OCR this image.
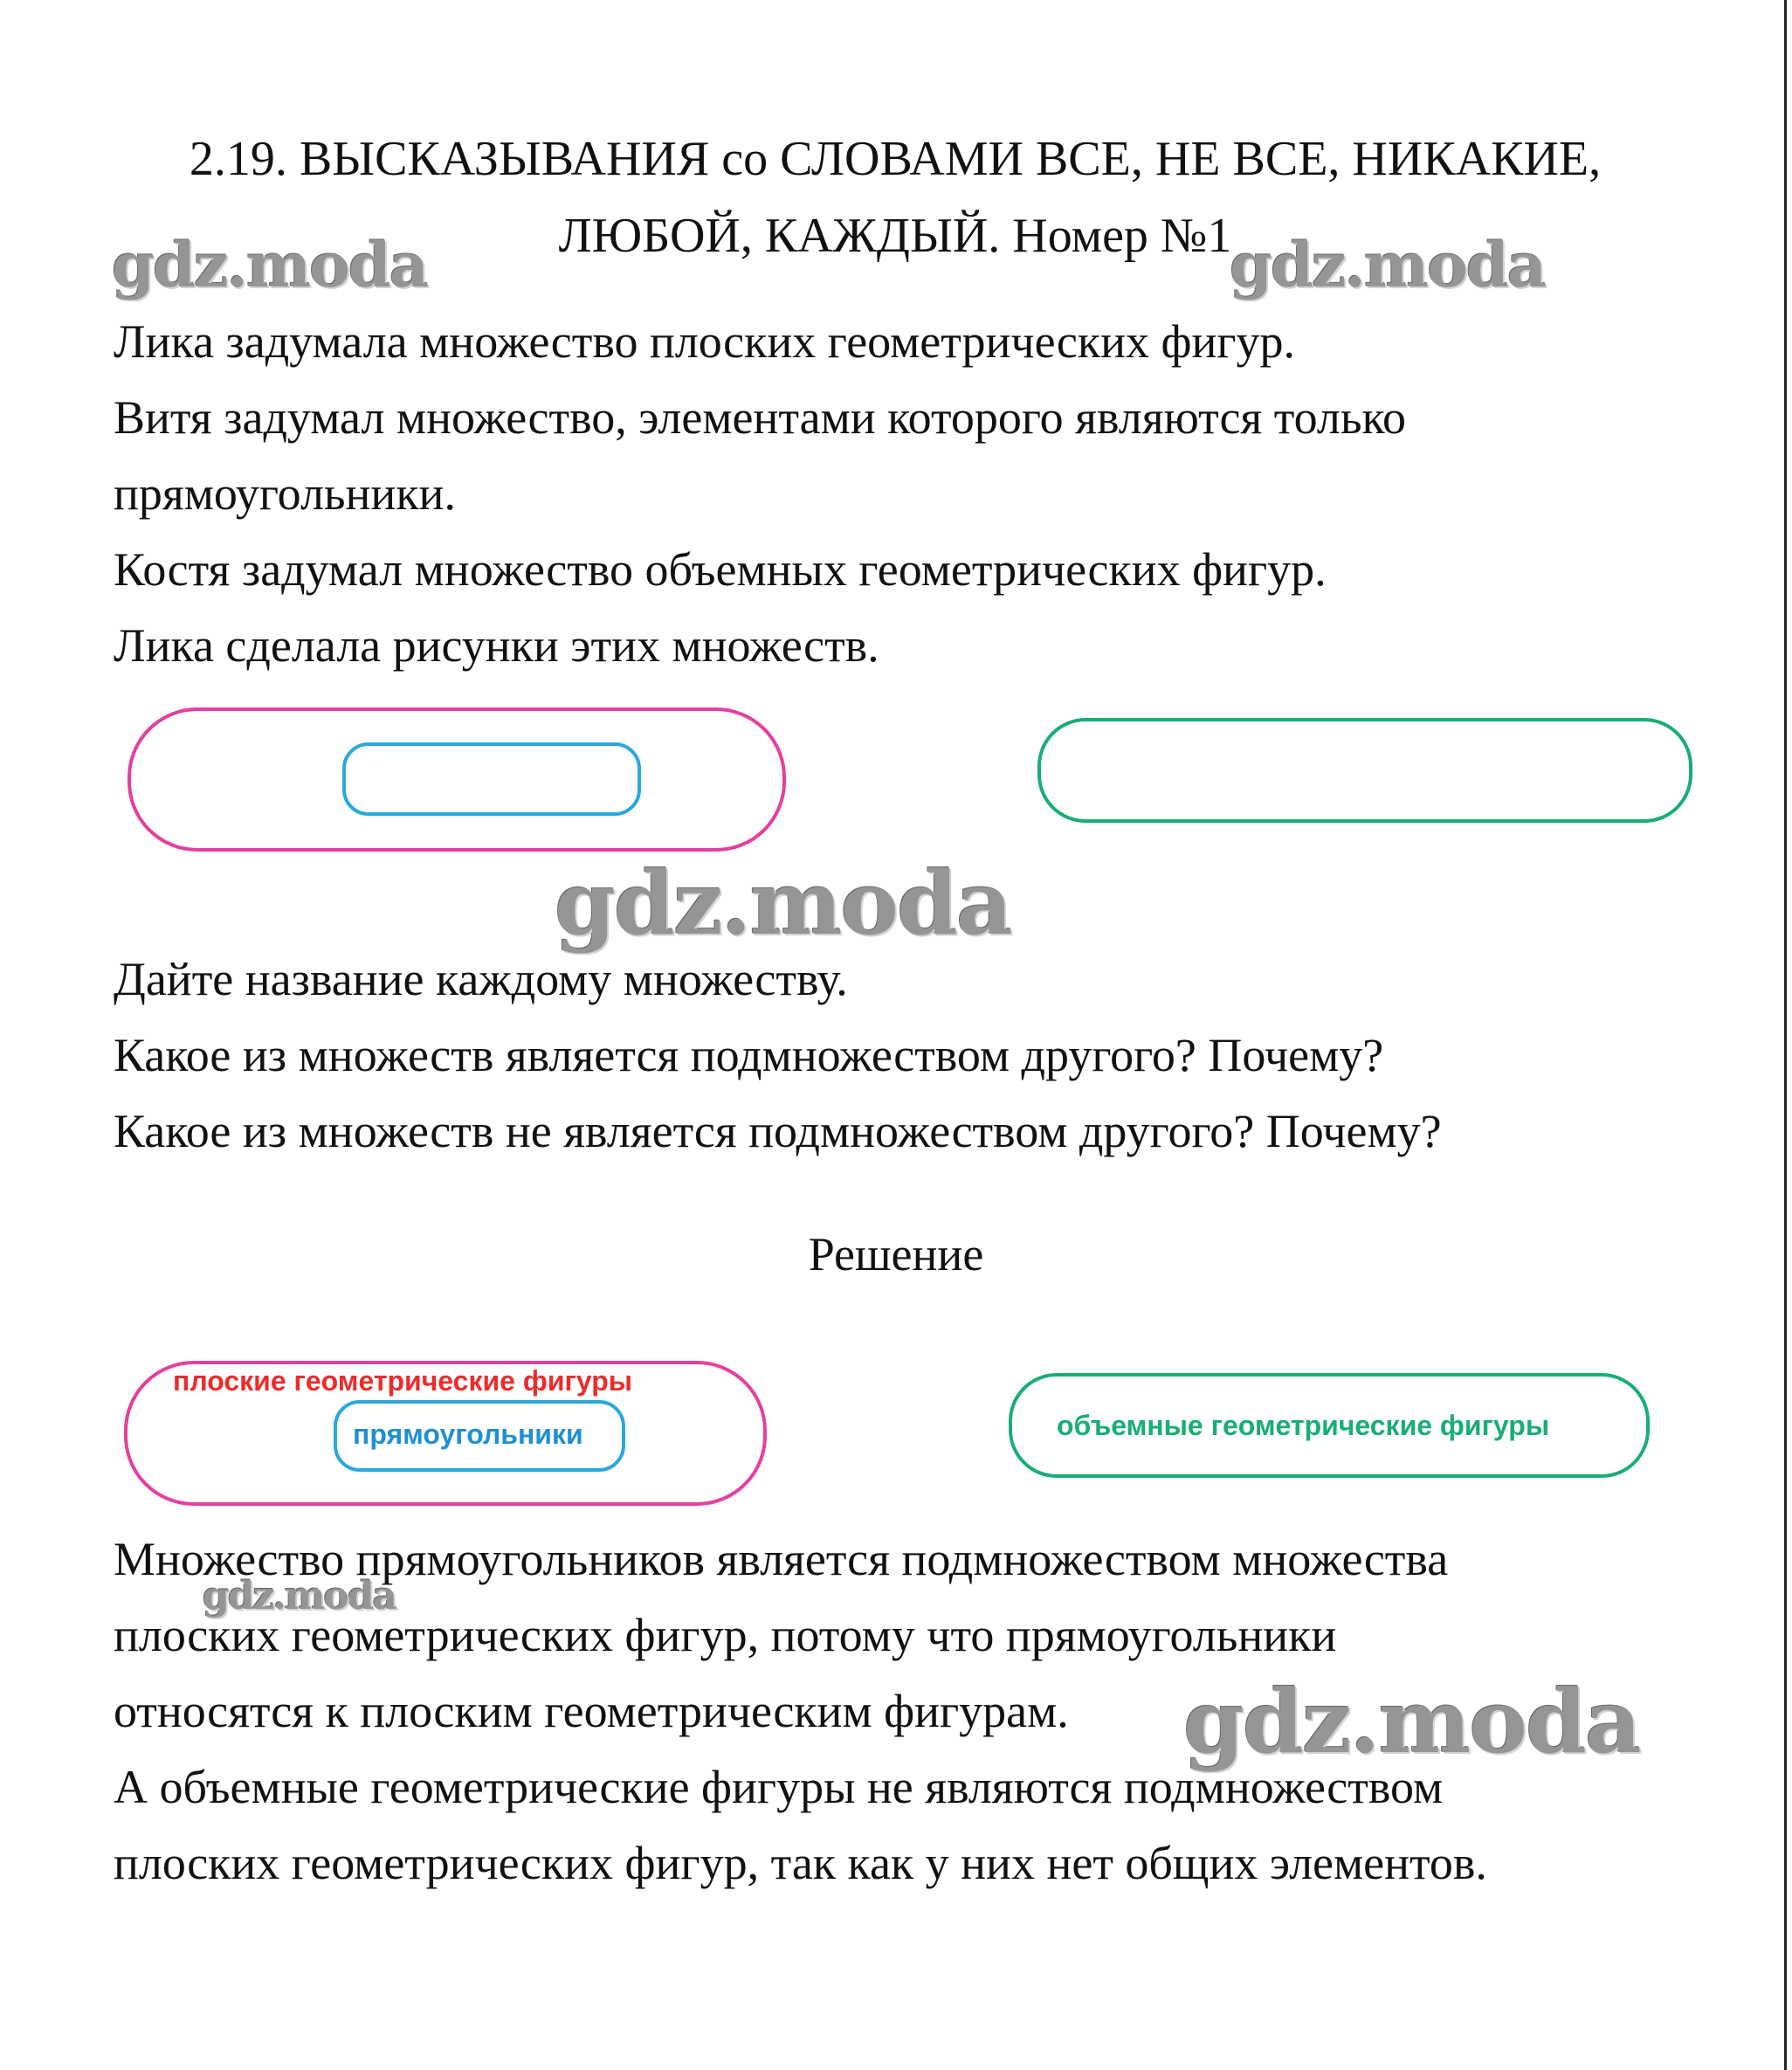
2.19. ВЫСКАЗЫВАНИЯ со СЛОВАМИ ВСЕ, НЕ ВСЕ, НИКАКИЕ,
ЛЮБОЙ, КАЖДЫЙ. Номер №1
gdz.moda	gdz.moda
gdz.moda
gdz.moda
gdz.moda
Лика задумала множество плоских геометрических фигур.
Витя задумал множество, элементами которого являются только
прямоугольники.
Костя задумал множество объемных геометрических фигур.
Лика сделала рисунки этих множеств.
Дайте название каждому множеству.
Какое из множеств является подмножеством другого? Почему?
Какое из множеств не является подмножеством другого? Почему?
Решение
плоские геометрические фигуры
прямоугольники	объемные геометрические фигуры
Множество прямоугольников является подмножеством множества
плоских геометрических фигур, потому что прямоугольники
относятся к плоским геометрическим фигурам.
А объемные геометрические фигуры не являются подмножеством
плоских геометрических фигур, так как у них нет общих элементов.
